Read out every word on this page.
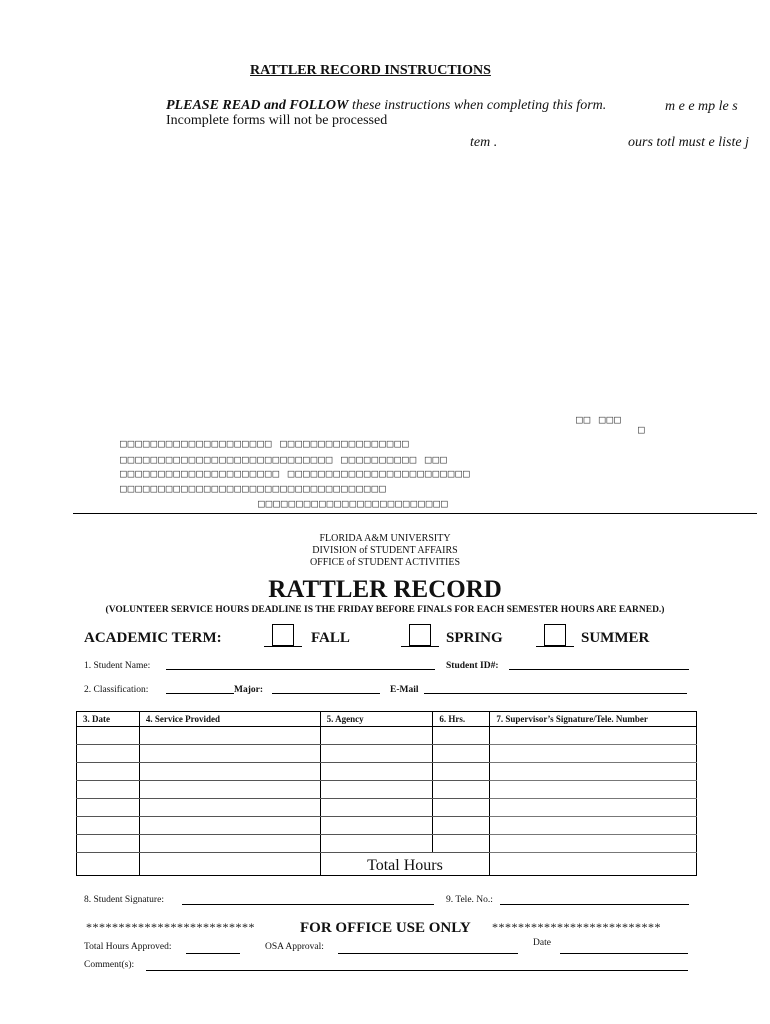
RATTLER RECORD INSTRUCTIONS
PLEASE READ and FOLLOW these instructions when completing this form.	m e e mp le s
Incomplete forms will not be processed
tem .	ours totl must e liste j
□□ □□□
□
□□□□□□□□□□□□□□□□□□□□ □□□□□□□□□□□□□□□□□
□□□□□□□□□□□□□□□□□□□□□□□□□□□□ □□□□□□□□□□ □□□
□□□□□□□□□□□□□□□□□□□□□ □□□□□□□□□□□□□□□□□□□□□□□□
□□□□□□□□□□□□□□□□□□□□□□□□□□□□□□□□□□□
□□□□□□□□□□□□□□□□□□□□□□□□□
FLORIDA A&M UNIVERSITY
DIVISION of STUDENT AFFAIRS
OFFICE of STUDENT ACTIVITIES
RATTLER RECORD
(VOLUNTEER SERVICE HOURS DEADLINE IS THE FRIDAY BEFORE FINALS FOR EACH SEMESTER HOURS ARE EARNED.)
ACADEMIC TERM:	FALL	SPRING	SUMMER
1. Student Name:	Student ID#:
2. Classification:	Major:	E-Mail
3. Date	4. Service Provided	5. Agency	6. Hrs.	7. Supervisor’s Signature/Tele. Number

		Total Hours		
8. Student Signature:	9. Tele. No.:
**************************	FOR OFFICE USE ONLY **************************
Total Hours Approved:	OSA Approval:	Date
Comment(s):
